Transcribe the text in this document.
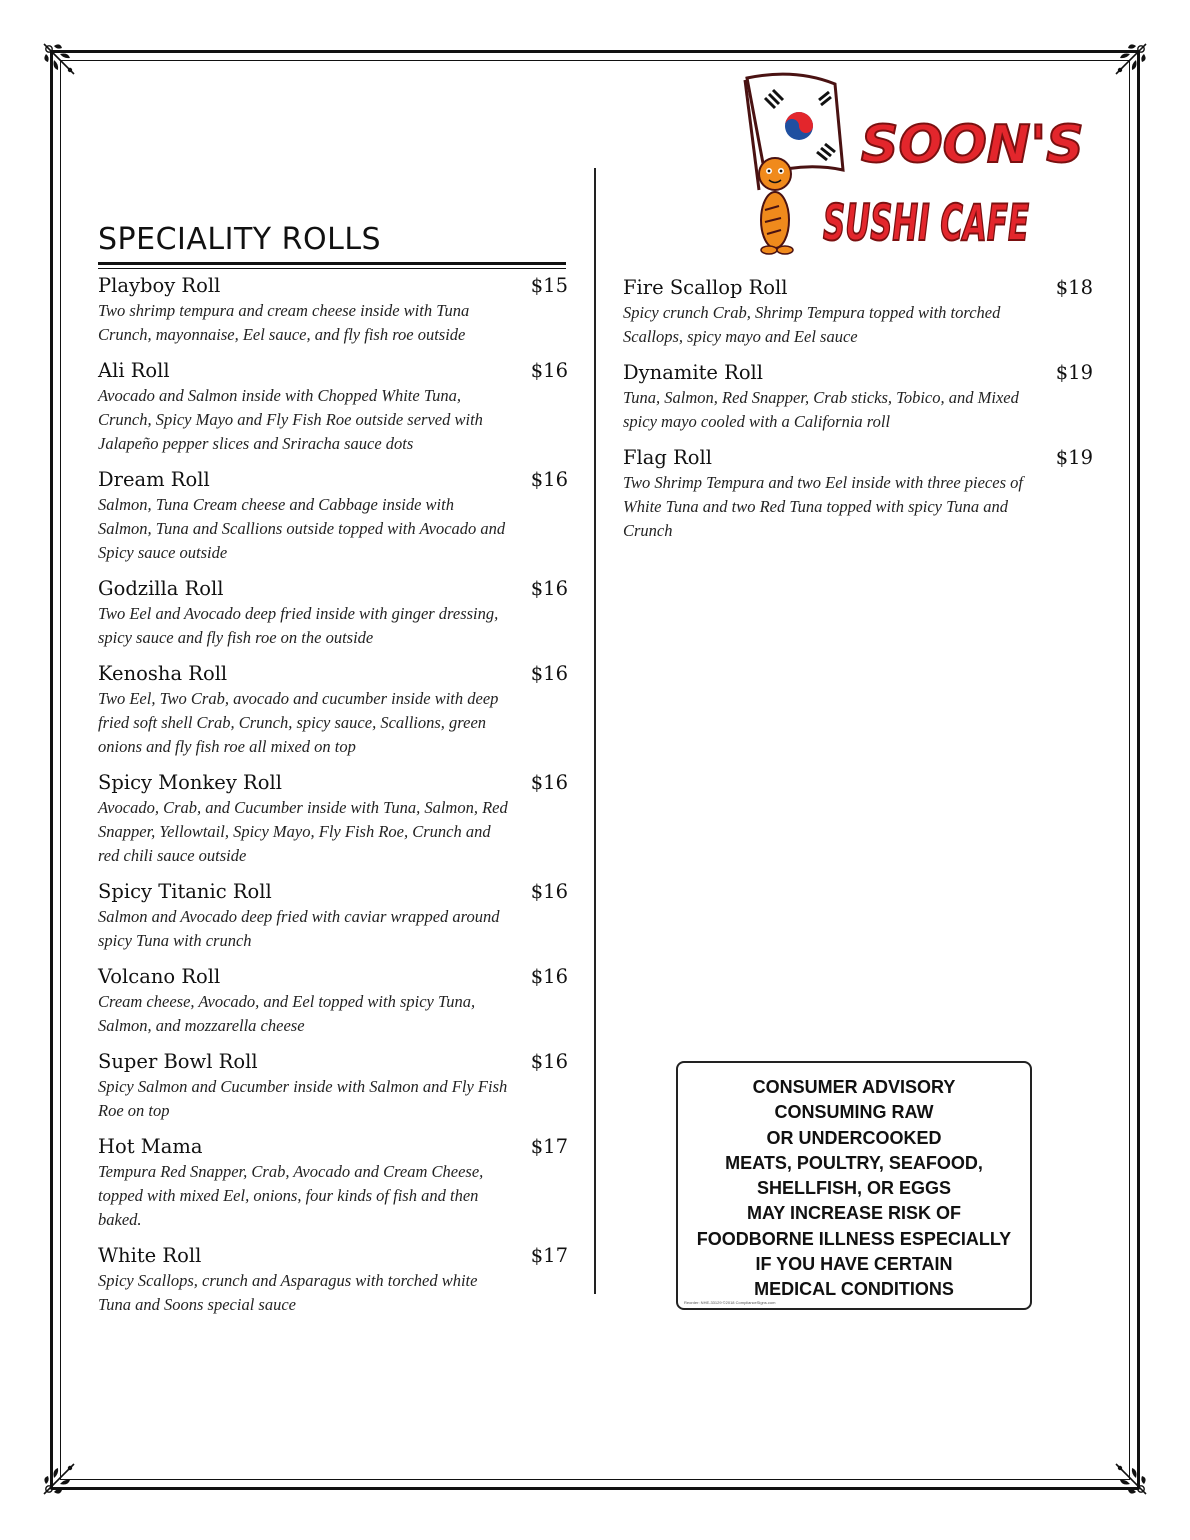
SOON'S
SUSHI CAFE
SPECIALITY ROLLS
Playboy Roll	$15
Two shrimp tempura and cream cheese inside with Tuna Crunch, mayonnaise, Eel sauce, and fly fish roe outside
Ali Roll	$16
Avocado and Salmon inside with Chopped White Tuna, Crunch, Spicy Mayo and Fly Fish Roe outside served with Jalapeño pepper slices and Sriracha sauce dots
Dream Roll	$16
Salmon, Tuna Cream cheese and Cabbage inside with Salmon, Tuna and Scallions outside topped with Avocado and Spicy sauce outside
Godzilla Roll	$16
Two Eel and Avocado deep fried inside with ginger dressing, spicy sauce and fly fish roe on the outside
Kenosha Roll	$16
Two Eel, Two Crab, avocado and cucumber inside with deep fried soft shell Crab, Crunch, spicy sauce, Scallions, green onions and fly fish roe all mixed on top
Spicy Monkey Roll	$16
Avocado, Crab, and Cucumber inside with Tuna, Salmon, Red Snapper, Yellowtail, Spicy Mayo, Fly Fish Roe, Crunch and red chili sauce outside
Spicy Titanic Roll	$16
Salmon and Avocado deep fried with caviar wrapped around spicy Tuna with crunch
Volcano Roll	$16
Cream cheese, Avocado, and Eel topped with spicy Tuna, Salmon, and mozzarella cheese
Super Bowl Roll	$16
Spicy Salmon and Cucumber inside with Salmon and Fly Fish Roe on top
Hot Mama	$17
Tempura Red Snapper, Crab, Avocado and Cream Cheese, topped with mixed Eel, onions, four kinds of fish and then baked.
White Roll	$17
Spicy Scallops, crunch and Asparagus with torched white Tuna and Soons special sauce
Fire Scallop Roll	$18
Spicy crunch Crab, Shrimp Tempura topped with torched Scallops, spicy mayo and Eel sauce
Dynamite Roll	$19
Tuna, Salmon, Red Snapper, Crab sticks, Tobico, and Mixed spicy mayo cooled with a California roll
Flag Roll	$19
Two Shrimp Tempura and two Eel inside with three pieces of White Tuna and two Red Tuna topped with spicy Tuna and Crunch
CONSUMER ADVISORY
CONSUMING RAW
OR UNDERCOOKED
MEATS, POULTRY, SEAFOOD,
SHELLFISH, OR EGGS
MAY INCREASE RISK OF
FOODBORNE ILLNESS ESPECIALLY
IF YOU HAVE CERTAIN
MEDICAL CONDITIONS
Reorder: NHE-33129 ©2018 ComplianceSigns.com
